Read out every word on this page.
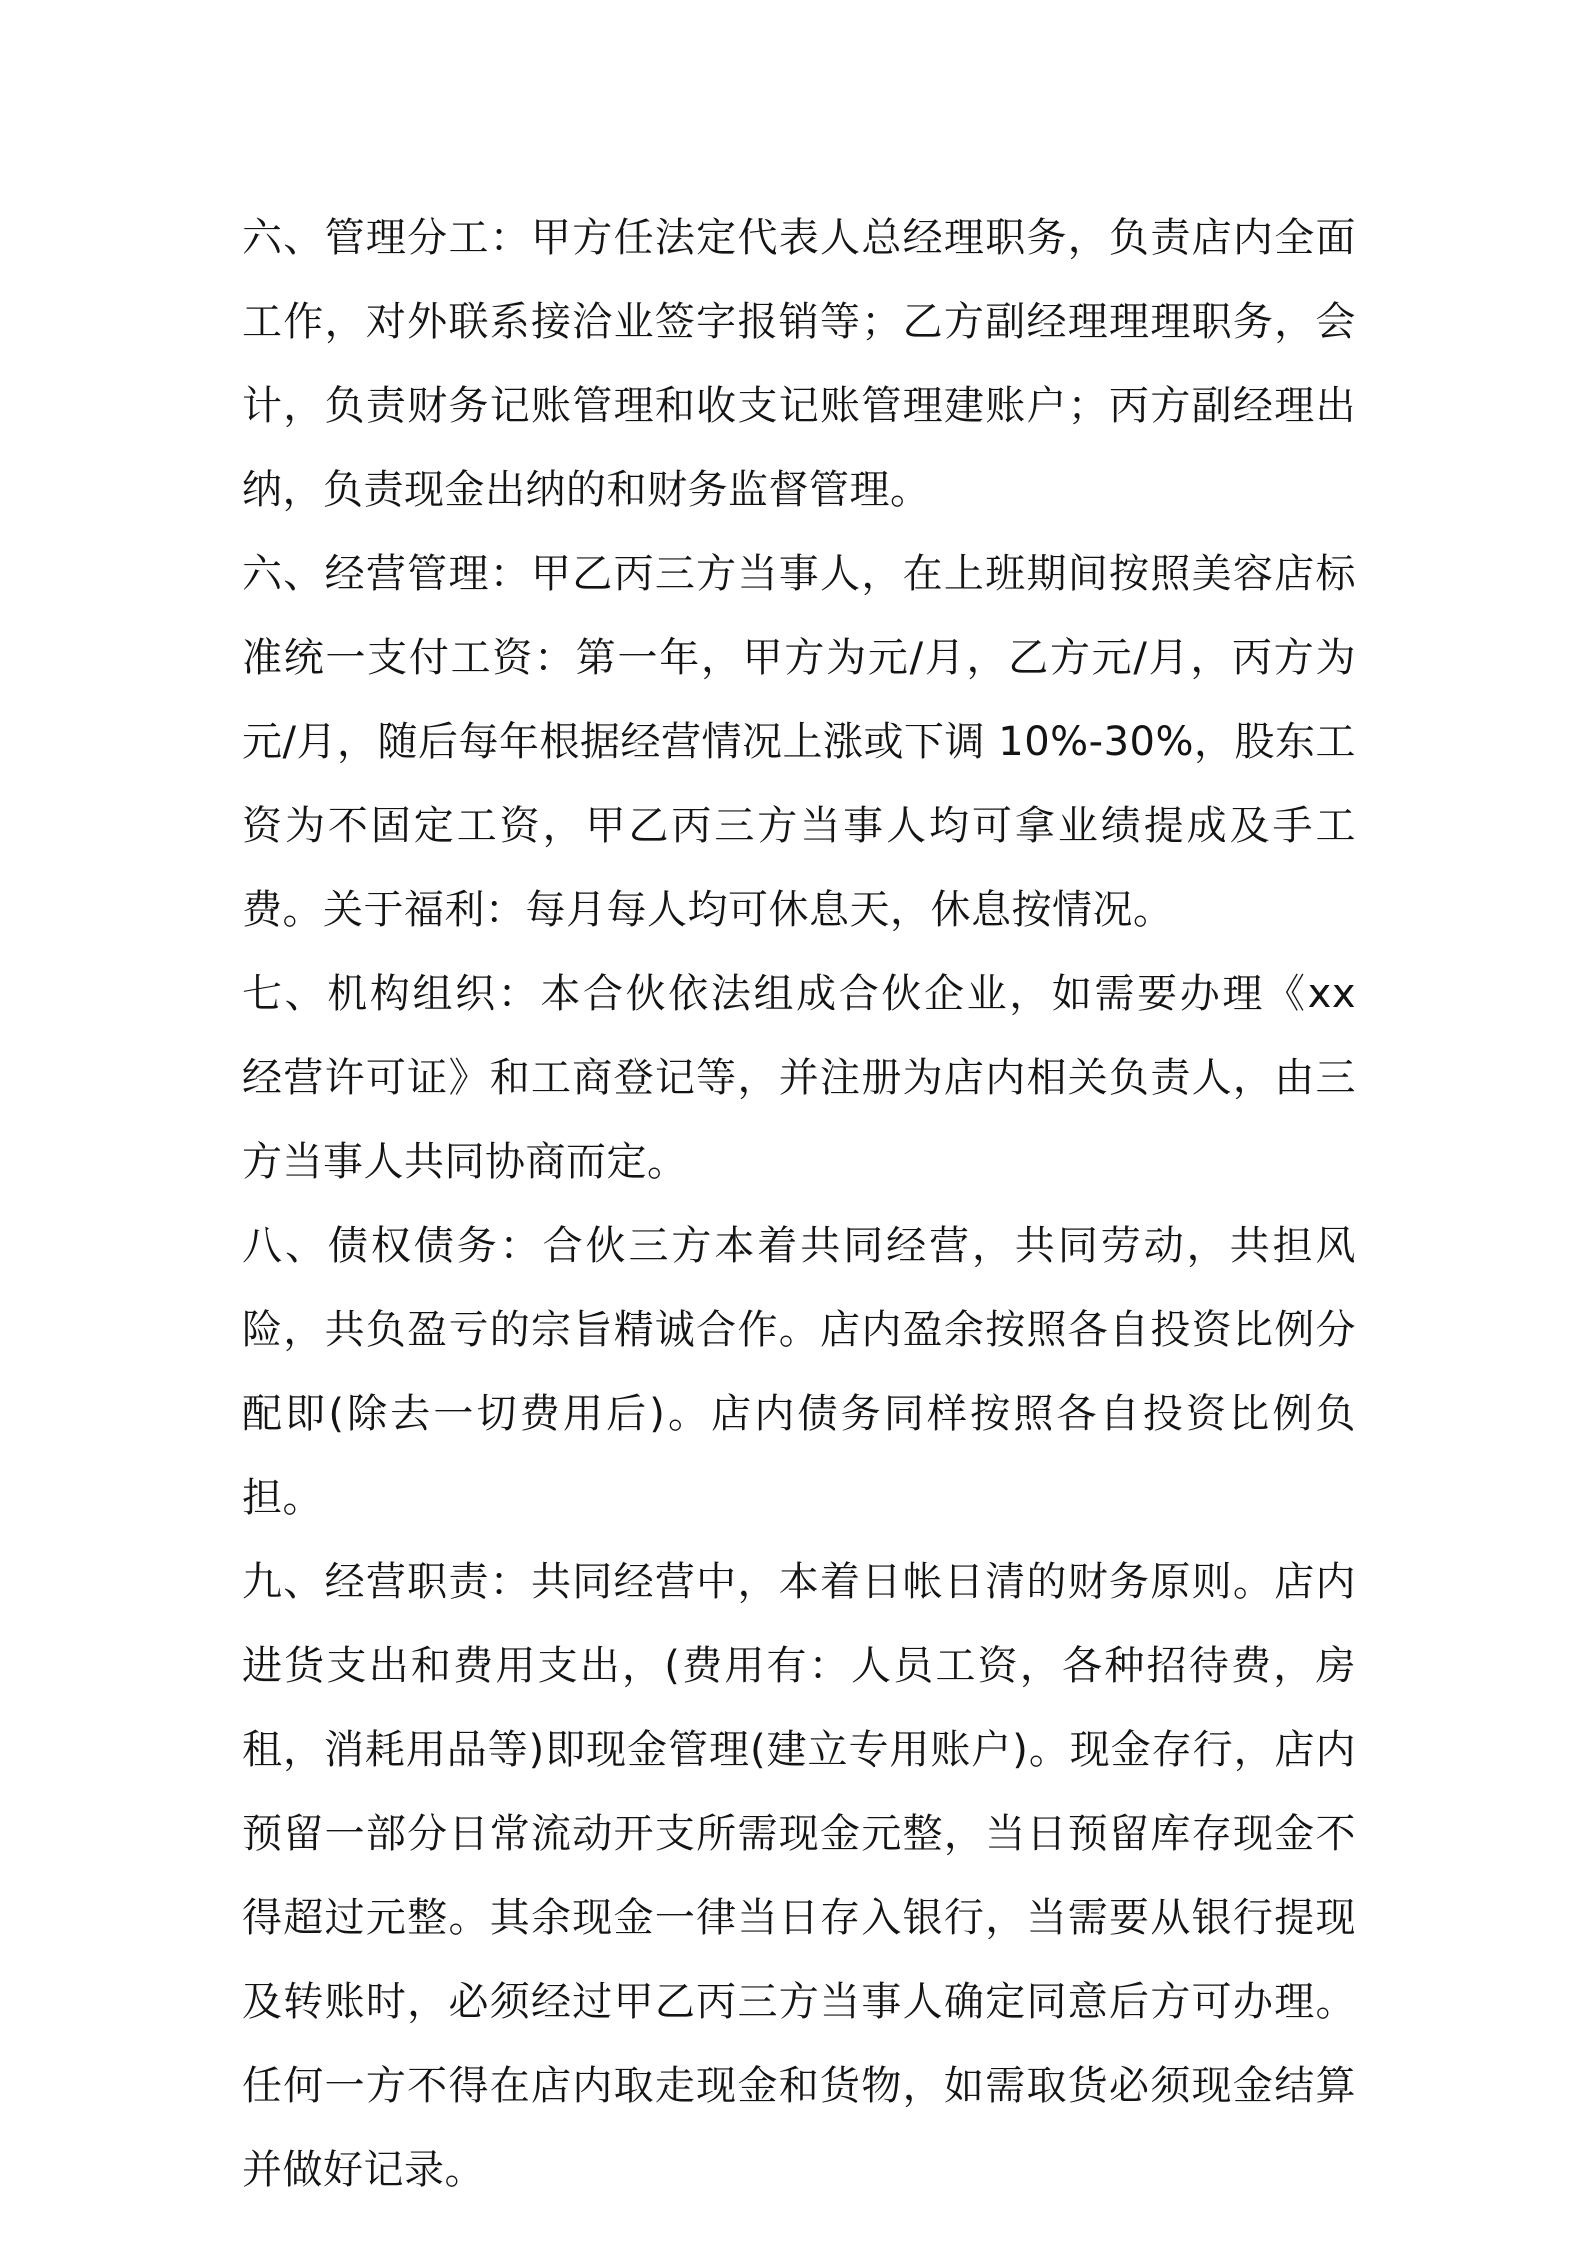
六、管理分工：甲方任法定代表人总经理职务，负责店内全面工作，对外联系接洽业签字报销等；乙方副经理理理职务，会计，负责财务记账管理和收支记账管理建账户；丙方副经理出纳，负责现金出纳的和财务监督管理。

六、经营管理：甲乙丙三方当事人，在上班期间按照美容店标准统一支付工资：第一年，甲方为元/月，乙方元/月，丙方为元/月，随后每年根据经营情况上涨或下调 10%-30%，股东工资为不固定工资，甲乙丙三方当事人均可拿业绩提成及手工费。关于福利：每月每人均可休息天，休息按情况。

七、机构组织：本合伙依法组成合伙企业，如需要办理《xx 经营许可证》和工商登记等，并注册为店内相关负责人，由三方当事人共同协商而定。

八、债权债务：合伙三方本着共同经营，共同劳动，共担风险，共负盈亏的宗旨精诚合作。店内盈余按照各自投资比例分配即(除去一切费用后)。店内债务同样按照各自投资比例负担。

九、经营职责：共同经营中，本着日帐日清的财务原则。店内进货支出和费用支出，(费用有：人员工资，各种招待费，房租，消耗用品等)即现金管理(建立专用账户)。现金存行，店内预留一部分日常流动开支所需现金元整，当日预留库存现金不得超过元整。其余现金一律当日存入银行，当需要从银行提现及转账时，必须经过甲乙丙三方当事人确定同意后方可办理。任何一方不得在店内取走现金和货物，如需取货必须现金结算并做好记录。
